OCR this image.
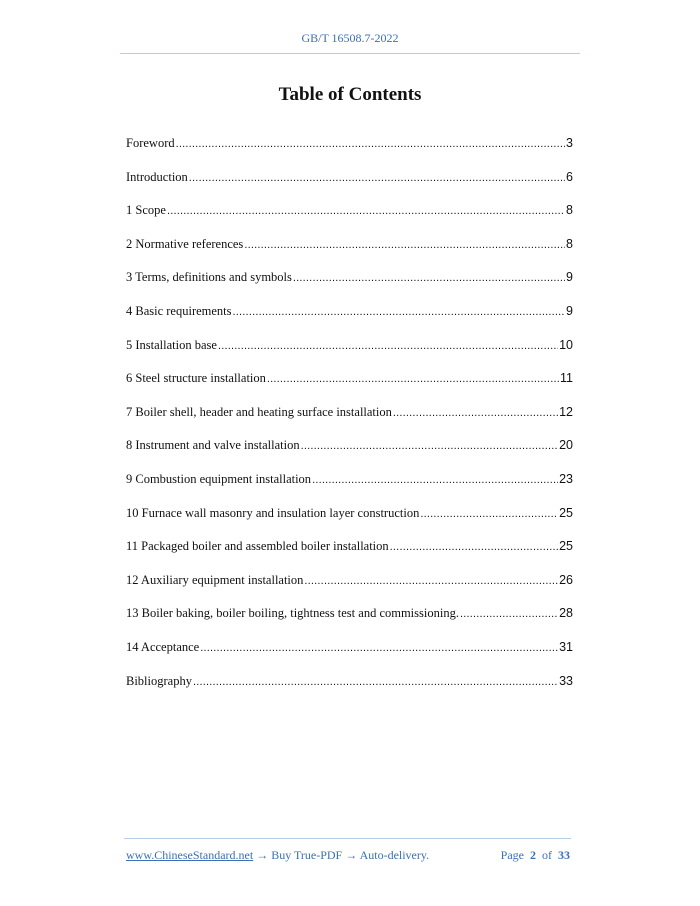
GB/T 16508.7-2022
Table of Contents
Foreword .....	3
Introduction .....	6
1 Scope .....	8
2 Normative references .....	8
3 Terms, definitions and symbols .....	9
4 Basic requirements .....	9
5 Installation base .....	10
6 Steel structure installation .....	11
7 Boiler shell, header and heating surface installation .....	12
8 Instrument and valve installation .....	20
9 Combustion equipment installation .....	23
10 Furnace wall masonry and insulation layer construction .....	25
11 Packaged boiler and assembled boiler installation .....	25
12 Auxiliary equipment installation .....	26
13 Boiler baking, boiler boiling, tightness test and commissioning. .....	28
14 Acceptance .....	31
Bibliography .....	33
www.ChineseStandard.net → Buy True-PDF → Auto-delivery.	Page 2 of 33
